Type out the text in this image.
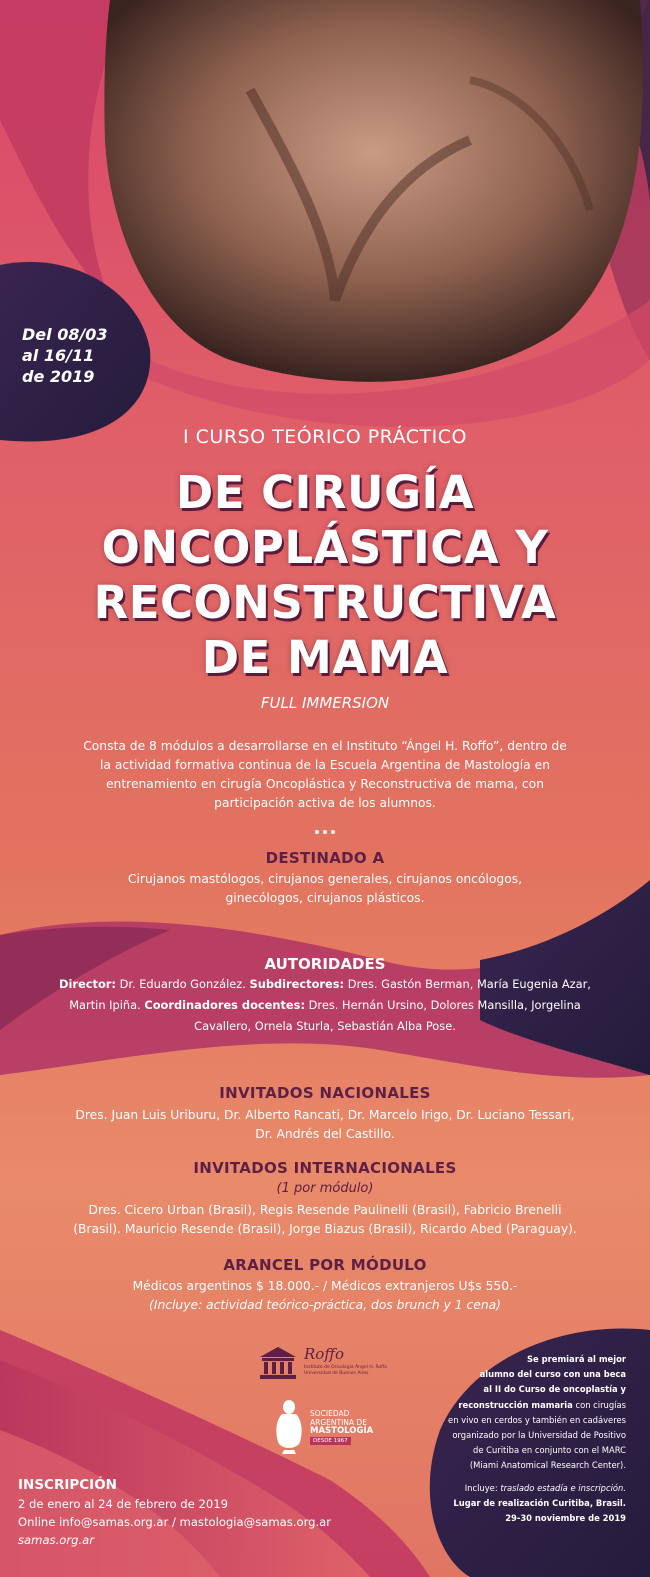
Del 08/03
al 16/11
de 2019
I CURSO TEÓRICO PRÁCTICO
DE CIRUGÍA
ONCOPLÁSTICA Y
RECONSTRUCTIVA
DE MAMA
FULL IMMERSION
Consta de 8 módulos a desarrollarse en el Instituto “Ángel H. Roffo”, dentro de
la actividad formativa continua de la Escuela Argentina de Mastología en
entrenamiento en cirugía Oncoplástica y Reconstructiva de mama, con
participación activa de los alumnos.
DESTINADO A
Cirujanos mastólogos, cirujanos generales, cirujanos oncólogos,
ginecólogos, cirujanos plásticos.
AUTORIDADES
Director: Dr. Eduardo González. Subdirectores: Dres. Gastón Berman, María Eugenia Azar,
Martin Ipiña. Coordinadores docentes: Dres. Hernán Ursino, Dolores Mansilla, Jorgelina
Cavallero, Ornela Sturla, Sebastián Alba Pose.
INVITADOS NACIONALES
Dres. Juan Luis Uriburu, Dr. Alberto Rancati, Dr. Marcelo Irigo, Dr. Luciano Tessari,
Dr. Andrés del Castillo.
INVITADOS INTERNACIONALES
(1 por módulo)
Dres. Cicero Urban (Brasil), Regis Resende Paulinelli (Brasil), Fabricio Brenelli
(Brasil). Mauricio Resende (Brasil), Jorge Biazus (Brasil), Ricardo Abed (Paraguay).
ARANCEL POR MÓDULO
Médicos argentinos $ 18.000.- / Médicos extranjeros U$s 550.-
(Incluye: actividad teórico-práctica, dos brunch y 1 cena)
Roffo
Instituto de Oncología Ángel H. Roffo
Universidad de Buenos Aires
SOCIEDAD
ARGENTINA DE
MASTOLOGÍA
DESDE 1967
INSCRIPCIÓN
2 de enero al 24 de febrero de 2019
Online info@samas.org.ar / mastologia@samas.org.ar
samas.org.ar
Se premiará al mejor
alumno del curso con una beca
al II do Curso de oncoplastía y
reconstrucción mamaria con cirugías
en vivo en cerdos y también en cadáveres
organizado por la Universidad de Positivo
de Curitiba en conjunto con el MARC
(Miami Anatomical Research Center).
Incluye: traslado estadía e inscripción.
Lugar de realización Curitiba, Brasil.
29-30 noviembre de 2019
